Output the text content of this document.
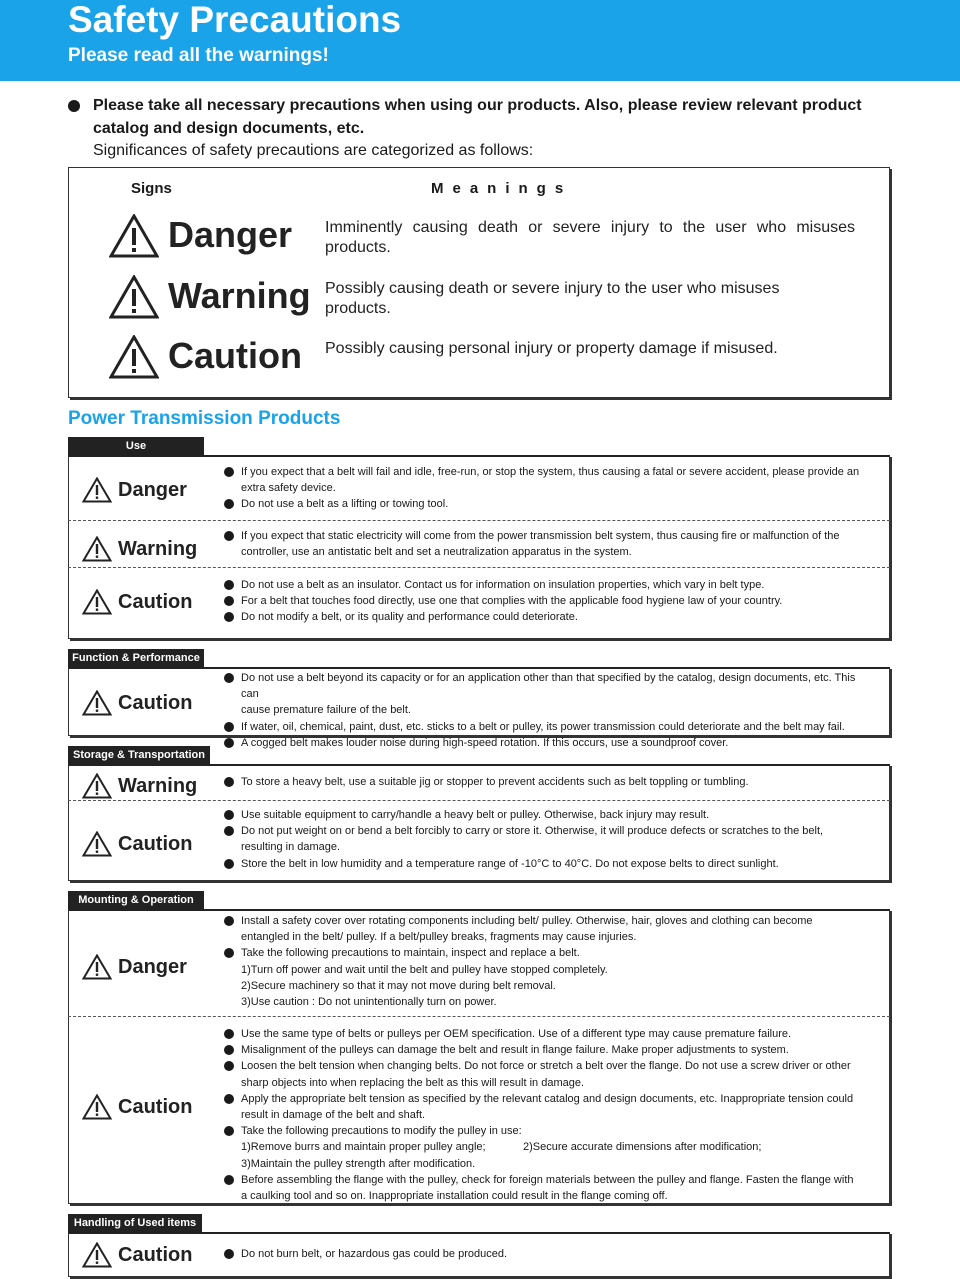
Safety Precautions
Please read all the warnings!
Please take all necessary precautions when using our products. Also, please review relevant product
catalog and design documents, etc.
Significances of safety precautions are categorized as follows:
Signs	Meanings
Danger Imminently causing death or severe injury to the user who misuses products.
Warning Possibly causing death or severe injury to the user who misuses products.
Caution Possibly causing personal injury or property damage if misused.
Power Transmission Products
Use
Danger
If you expect that a belt will fail and idle, free-run, or stop the system, thus causing a fatal or severe accident, please provide an
extra safety device.
Do not use a belt as a lifting or towing tool.
Warning
If you expect that static electricity will come from the power transmission belt system, thus causing fire or malfunction of the
controller, use an antistatic belt and set a neutralization apparatus in the system.
Caution
Do not use a belt as an insulator. Contact us for information on insulation properties, which vary in belt type.
For a belt that touches food directly, use one that complies with the applicable food hygiene law of your country.
Do not modify a belt, or its quality and performance could deteriorate.
Function & Performance
Caution
Do not use a belt beyond its capacity or for an application other than that specified by the catalog, design documents, etc. This can
cause premature failure of the belt.
If water, oil, chemical, paint, dust, etc. sticks to a belt or pulley, its power transmission could deteriorate and the belt may fail.
A cogged belt makes louder noise during high-speed rotation. If this occurs, use a soundproof cover.
Storage & Transportation
Warning	To store a heavy belt, use a suitable jig or stopper to prevent accidents such as belt toppling or tumbling.
Caution
Use suitable equipment to carry/handle a heavy belt or pulley. Otherwise, back injury may result.
Do not put weight on or bend a belt forcibly to carry or store it. Otherwise, it will produce defects or scratches to the belt,
resulting in damage.
Store the belt in low humidity and a temperature range of -10°C to 40°C. Do not expose belts to direct sunlight.
Mounting & Operation
Danger
Install a safety cover over rotating components including belt/ pulley. Otherwise, hair, gloves and clothing can become
entangled in the belt/ pulley. If a belt/pulley breaks, fragments may cause injuries.
Take the following precautions to maintain, inspect and replace a belt.
1)Turn off power and wait until the belt and pulley have stopped completely.
2)Secure machinery so that it may not move during belt removal.
3)Use caution : Do not unintentionally turn on power.
Caution
Use the same type of belts or pulleys per OEM specification. Use of a different type may cause premature failure.
Misalignment of the pulleys can damage the belt and result in flange failure. Make proper adjustments to system.
Loosen the belt tension when changing belts. Do not force or stretch a belt over the flange. Do not use a screw driver or other
sharp objects into when replacing the belt as this will result in damage.
Apply the appropriate belt tension as specified by the relevant catalog and design documents, etc. Inappropriate tension could
result in damage of the belt and shaft.
Take the following precautions to modify the pulley in use:
1)Remove burrs and maintain proper pulley angle;	2)Secure accurate dimensions after modification;
3)Maintain the pulley strength after modification.
Before assembling the flange with the pulley, check for foreign materials between the pulley and flange. Fasten the flange with
a caulking tool and so on. Inappropriate installation could result in the flange coming off.
Handling of Used items
Caution	Do not burn belt, or hazardous gas could be produced.
